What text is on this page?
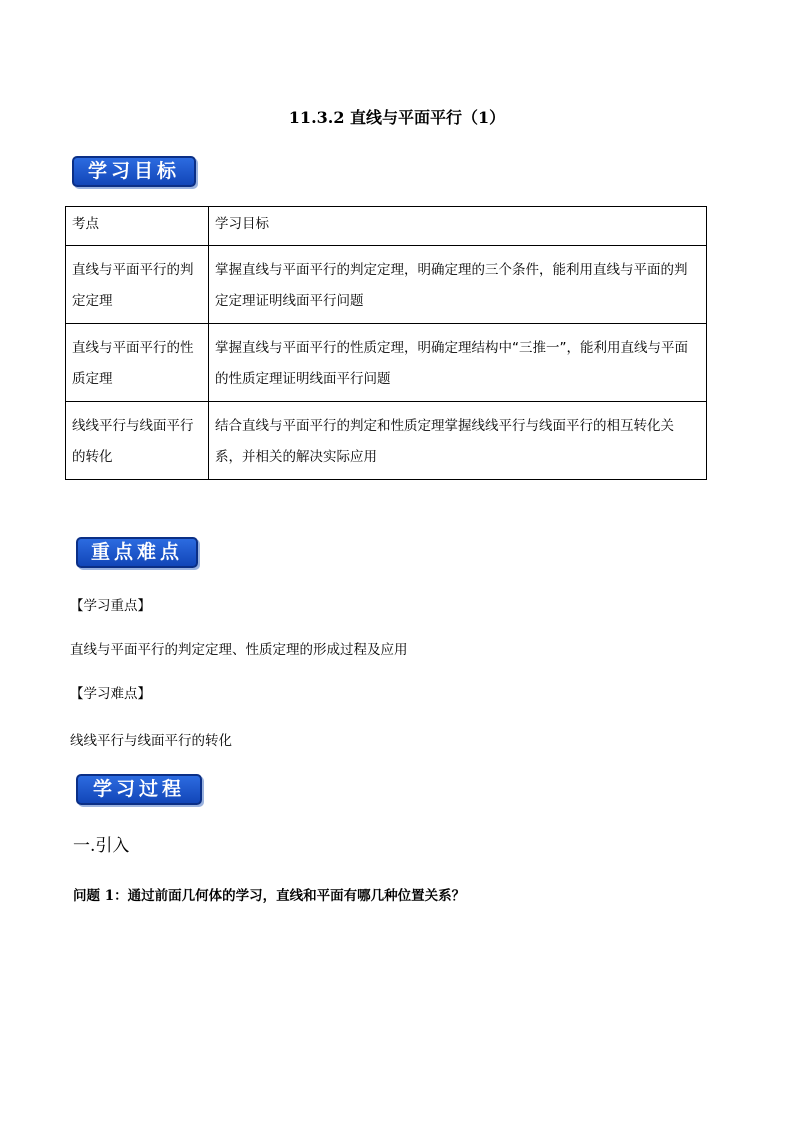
11.3.2 直线与平面平行（1）
学习目标
考点	学习目标
直线与平面平行的判定定理	掌握直线与平面平行的判定定理，明确定理的三个条件，能利用直线与平面的判定定理证明线面平行问题
直线与平面平行的性质定理	掌握直线与平面平行的性质定理，明确定理结构中“三推一”，能利用直线与平面的性质定理证明线面平行问题
线线平行与线面平行的转化	结合直线与平面平行的判定和性质定理掌握线线平行与线面平行的相互转化关系，并相关的解决实际应用
重点难点
【学习重点】
直线与平面平行的判定定理、性质定理的形成过程及应用
【学习难点】
线线平行与线面平行的转化
学习过程
一.引入
问题 1：通过前面几何体的学习，直线和平面有哪几种位置关系？
